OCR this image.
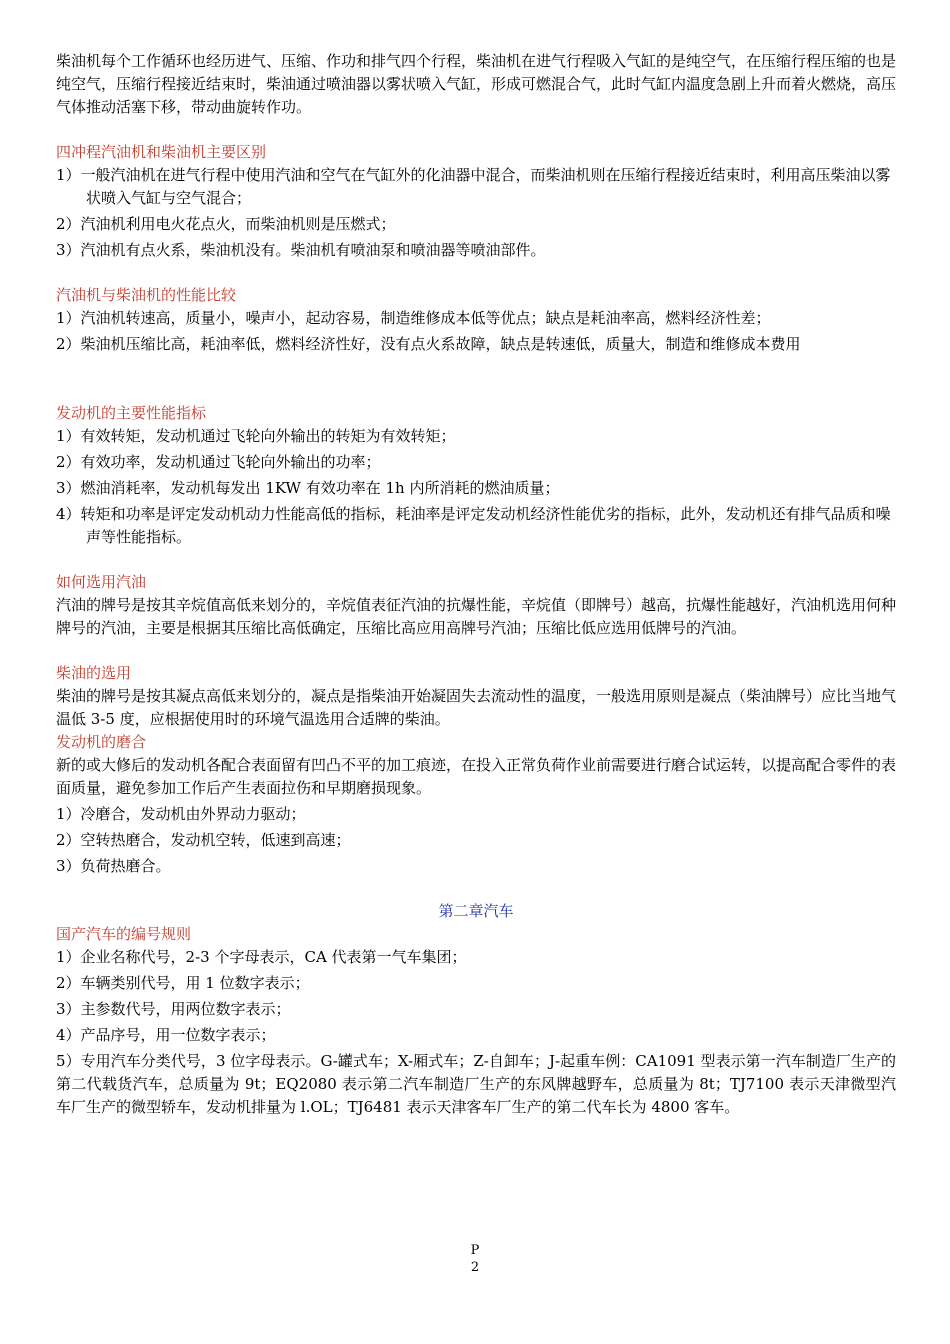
柴油机每个工作循环也经历进气、压缩、作功和排气四个行程，柴油机在进气行程吸入气缸的是纯空气，在压缩行程压缩的也是纯空气，压缩行程接近结束时，柴油通过喷油器以雾状喷入气缸，形成可燃混合气，此时气缸内温度急剧上升而着火燃烧，高压气体推动活塞下移，带动曲旋转作功。

四冲程汽油机和柴油机主要区别

1）一般汽油机在进气行程中使用汽油和空气在气缸外的化油器中混合，而柴油机则在压缩行程接近结束时，利用高压柴油以雾状喷入气缸与空气混合；

2）汽油机利用电火花点火，而柴油机则是压燃式；

3）汽油机有点火系，柴油机没有。柴油机有喷油泵和喷油器等喷油部件。

汽油机与柴油机的性能比较

1）汽油机转速高，质量小，噪声小，起动容易，制造维修成本低等优点；缺点是耗油率高，燃料经济性差；

2）柴油机压缩比高，耗油率低，燃料经济性好，没有点火系故障，缺点是转速低，质量大，制造和维修成本费用

发动机的主要性能指标

1）有效转矩，发动机通过飞轮向外输出的转矩为有效转矩；

2）有效功率，发动机通过飞轮向外输出的功率；

3）燃油消耗率，发动机每发出 1KW 有效功率在 1h 内所消耗的燃油质量；

4）转矩和功率是评定发动机动力性能高低的指标，耗油率是评定发动机经济性能优劣的指标，此外，发动机还有排气品质和噪声等性能指标。

如何选用汽油

汽油的牌号是按其辛烷值高低来划分的，辛烷值表征汽油的抗爆性能，辛烷值（即牌号）越高，抗爆性能越好，汽油机选用何种牌号的汽油，主要是根据其压缩比高低确定，压缩比高应用高牌号汽油；压缩比低应选用低牌号的汽油。

柴油的选用

柴油的牌号是按其凝点高低来划分的，凝点是指柴油开始凝固失去流动性的温度，一般选用原则是凝点（柴油牌号）应比当地气温低 3-5 度，应根据使用时的环境气温选用合适牌的柴油。

发动机的磨合

新的或大修后的发动机各配合表面留有凹凸不平的加工痕迹，在投入正常负荷作业前需要进行磨合试运转，以提高配合零件的表面质量，避免参加工作后产生表面拉伤和早期磨损现象。

1）冷磨合，发动机由外界动力驱动；

2）空转热磨合，发动机空转，低速到高速；

3）负荷热磨合。

第二章汽车

国产汽车的编号规则

1）企业名称代号，2-3 个字母表示，CA 代表第一气车集团；

2）车辆类别代号，用 1 位数字表示；

3）主参数代号，用两位数字表示；

4）产品序号，用一位数字表示；

5）专用汽车分类代号，3 位字母表示。G-罐式车；X-厢式车；Z-自卸车；J-起重车例：CA1091 型表示第一汽车制造厂生产的第二代载货汽车，总质量为 9t；EQ2080 表示第二汽车制造厂生产的东风牌越野车，总质量为 8t；TJ7100 表示天津微型汽车厂生产的微型轿车，发动机排量为 l.OL；TJ6481 表示天津客车厂生产的第二代车长为 4800 客车。

P
2
